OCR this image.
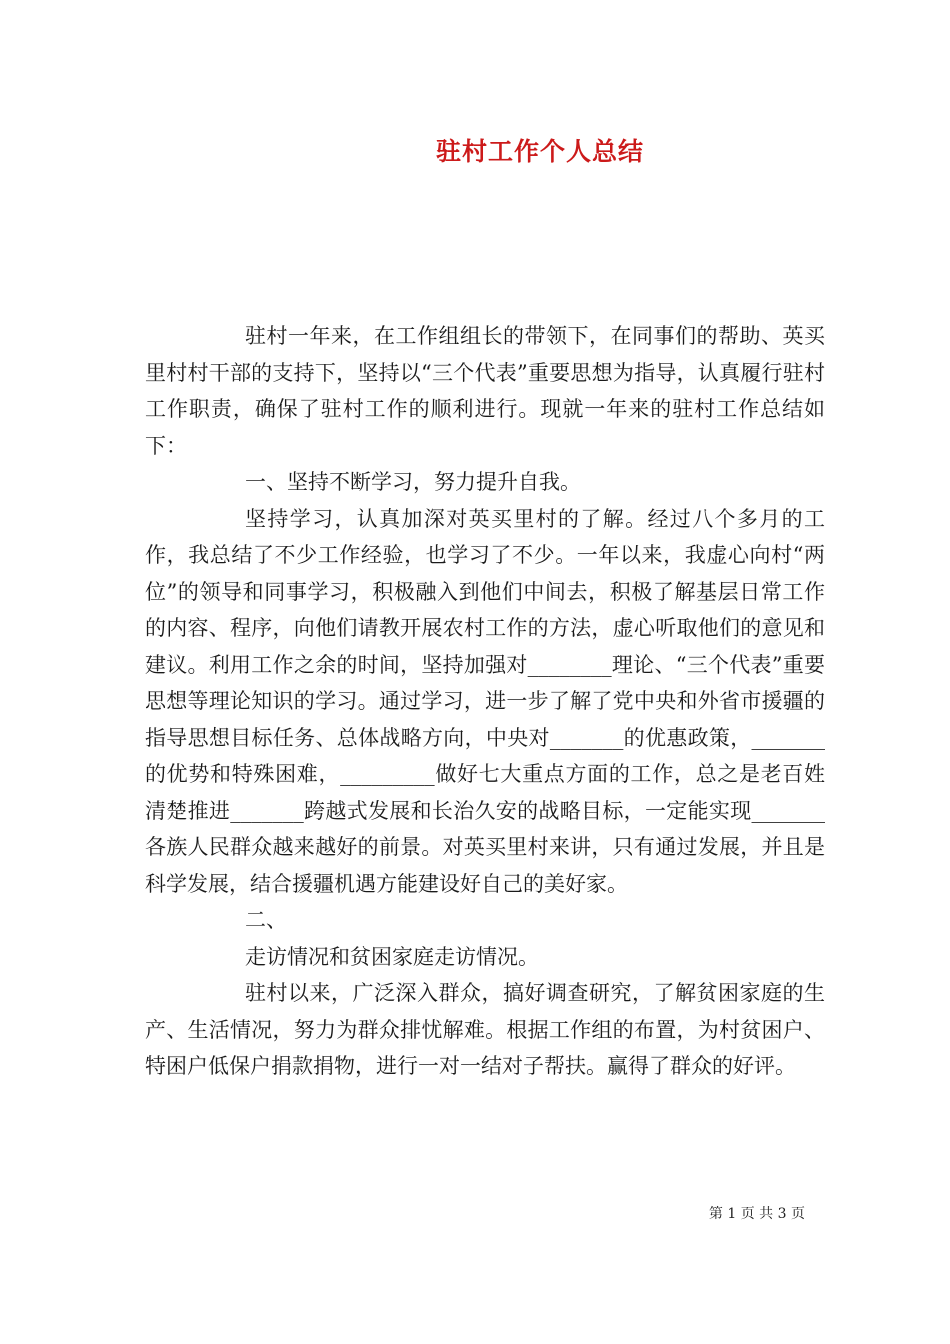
驻村工作个人总结

驻村一年来，在工作组组长的带领下，在同事们的帮助、英买里村村干部的支持下，坚持以“三个代表”重要思想为指导，认真履行驻村工作职责，确保了驻村工作的顺利进行。现就一年来的驻村工作总结如下：

一、坚持不断学习，努力提升自我。

坚持学习，认真加深对英买里村的了解。经过八个多月的工作，我总结了不少工作经验，也学习了不少。一年以来，我虚心向村“两位”的领导和同事学习，积极融入到他们中间去，积极了解基层日常工作的内容、程序，向他们请教开展农村工作的方法，虚心听取他们的意见和建议。利用工作之余的时间，坚持加强对________理论、“三个代表”重要思想等理论知识的学习。通过学习，进一步了解了党中央和外省市援疆的指导思想目标任务、总体战略方向，中央对_______的优惠政策，_______的优势和特殊困难，_________做好七大重点方面的工作，总之是老百姓清楚推进_______跨越式发展和长治久安的战略目标，一定能实现_______各族人民群众越来越好的前景。对英买里村来讲，只有通过发展，并且是科学发展，结合援疆机遇方能建设好自己的美好家。

二、

走访情况和贫困家庭走访情况。

驻村以来，广泛深入群众，搞好调查研究，了解贫困家庭的生产、生活情况，努力为群众排忧解难。根据工作组的布置，为村贫困户、特困户低保户捐款捐物，进行一对一结对子帮扶。赢得了群众的好评。

第 1 页 共 3 页
